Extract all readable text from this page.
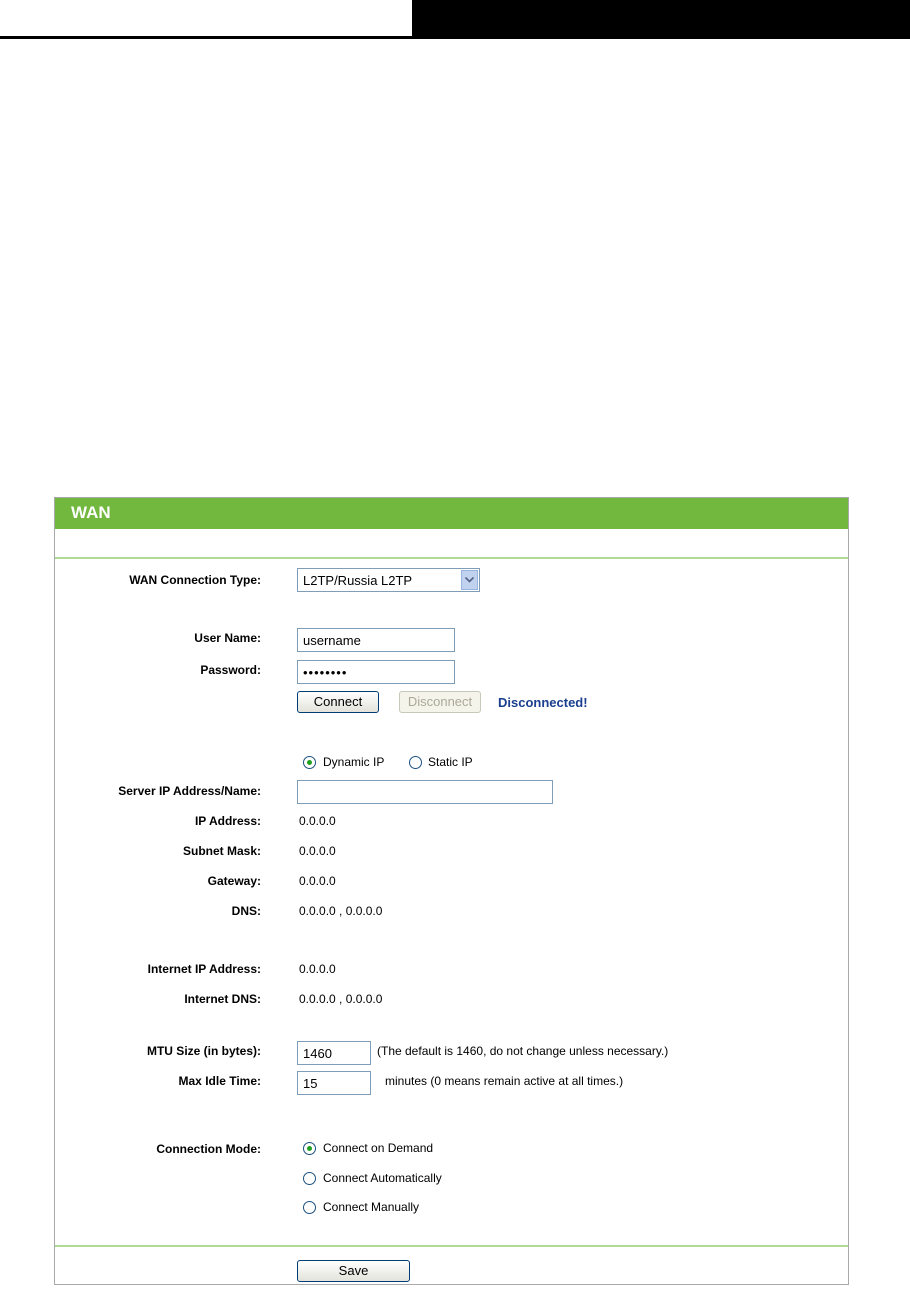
WAN
WAN Connection Type:	L2TP/Russia L2TP
User Name:
username
Password:
••••••••
Connect	Disconnect	Disconnected!
Dynamic IP	Static IP
Server IP Address/Name:
IP Address:	0.0.0.0
Subnet Mask:	0.0.0.0
Gateway:	0.0.0.0
DNS:	0.0.0.0 , 0.0.0.0
Internet IP Address:	0.0.0.0
Internet DNS:	0.0.0.0 , 0.0.0.0
MTU Size (in bytes):
1460	(The default is 1460, do not change unless necessary.)
Max Idle Time:
15	minutes (0 means remain active at all times.)
Connection Mode:	Connect on Demand
Connect Automatically
Connect Manually
Save
